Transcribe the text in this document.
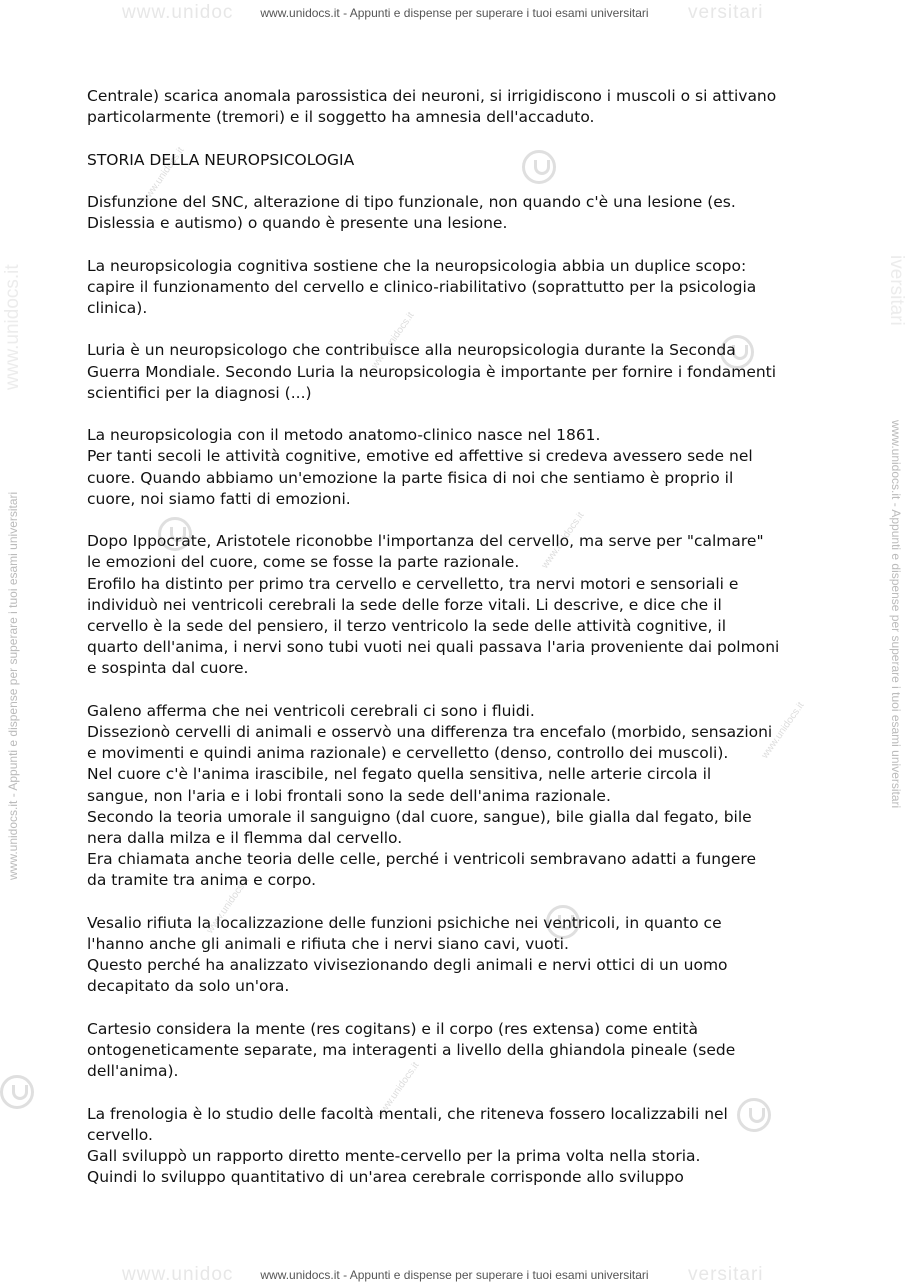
www.unidoc	versitari
www.unidoc	versitari
www.unidocs.it - Appunti e dispense per superare i tuoi esami universitari
www.unidocs.it - Appunti e dispense per superare i tuoi esami universitari
www.unidocs.it	iversitari
www.unidocs.it - Appunti e dispense per superare i tuoi esami universitari	www.unidocs.it - Appunti e dispense per superare i tuoi esami universitari
www.unidocs.it
www.unidocs.it
www.unidocs.it
www.unidocs.it
www.unidocs.it
www.unidocs.it

Centrale) scarica anomala parossistica dei neuroni, si irrigidiscono i muscoli o si attivano
particolarmente (tremori) e il soggetto ha amnesia dell'accaduto.

STORIA DELLA NEUROPSICOLOGIA

Disfunzione del SNC, alterazione di tipo funzionale, non quando c'è una lesione (es.
Dislessia e autismo) o quando è presente una lesione.

La neuropsicologia cognitiva sostiene che la neuropsicologia abbia un duplice scopo:
capire il funzionamento del cervello e clinico-riabilitativo (soprattutto per la psicologia
clinica).

Luria è un neuropsicologo che contribuisce alla neuropsicologia durante la Seconda
Guerra Mondiale. Secondo Luria la neuropsicologia è importante per fornire i fondamenti
scientifici per la diagnosi (...)

La neuropsicologia con il metodo anatomo-clinico nasce nel 1861.
Per tanti secoli le attività cognitive, emotive ed affettive si credeva avessero sede nel
cuore. Quando abbiamo un'emozione la parte fisica di noi che sentiamo è proprio il
cuore, noi siamo fatti di emozioni.

Dopo Ippocrate, Aristotele riconobbe l'importanza del cervello, ma serve per "calmare"
le emozioni del cuore, come se fosse la parte razionale.
Erofilo ha distinto per primo tra cervello e cervelletto, tra nervi motori e sensoriali e
individuò nei ventricoli cerebrali la sede delle forze vitali. Li descrive, e dice che il
cervello è la sede del pensiero, il terzo ventricolo la sede delle attività cognitive, il
quarto dell'anima, i nervi sono tubi vuoti nei quali passava l'aria proveniente dai polmoni
e sospinta dal cuore.

Galeno afferma che nei ventricoli cerebrali ci sono i fluidi.
Dissezionò cervelli di animali e osservò una differenza tra encefalo (morbido, sensazioni
e movimenti e quindi anima razionale) e cervelletto (denso, controllo dei muscoli).
Nel cuore c'è l'anima irascibile, nel fegato quella sensitiva, nelle arterie circola il
sangue, non l'aria e i lobi frontali sono la sede dell'anima razionale.
Secondo la teoria umorale il sanguigno (dal cuore, sangue), bile gialla dal fegato, bile
nera dalla milza e il flemma dal cervello.
Era chiamata anche teoria delle celle, perché i ventricoli sembravano adatti a fungere
da tramite tra anima e corpo.

Vesalio rifiuta la localizzazione delle funzioni psichiche nei ventricoli, in quanto ce
l'hanno anche gli animali e rifiuta che i nervi siano cavi, vuoti.
Questo perché ha analizzato vivisezionando degli animali e nervi ottici di un uomo
decapitato da solo un'ora.

Cartesio considera la mente (res cogitans) e il corpo (res extensa) come entità
ontogeneticamente separate, ma interagenti a livello della ghiandola pineale (sede
dell'anima).

La frenologia è lo studio delle facoltà mentali, che riteneva fossero localizzabili nel
cervello.
Gall sviluppò un rapporto diretto mente-cervello per la prima volta nella storia.
Quindi lo sviluppo quantitativo di un'area cerebrale corrisponde allo sviluppo
